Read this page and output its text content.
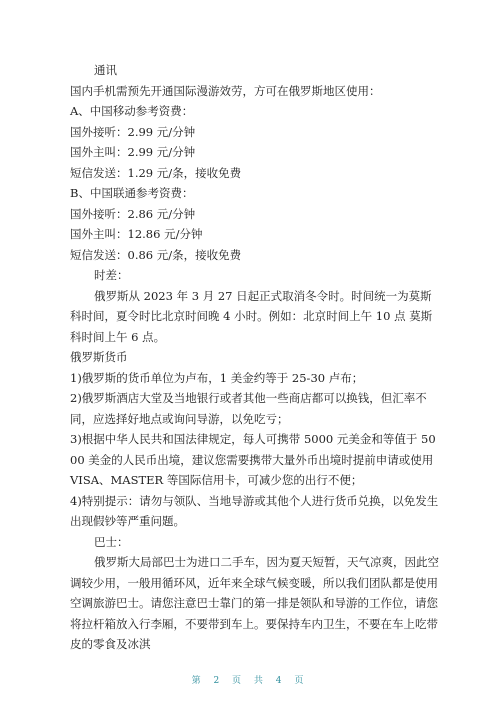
通讯

国内手机需预先开通国际漫游效劳，方可在俄罗斯地区使用：

A、中国移动参考资费：

国外接听：2.99 元/分钟

国外主叫：2.99 元/分钟

短信发送：1.29 元/条，接收免费

B、中国联通参考资费：

国外接听：2.86 元/分钟

国外主叫：12.86 元/分钟

短信发送：0.86 元/条，接收免费

时差：

俄罗斯从 2023 年 3 月 27 日起正式取消冬令时。时间统一为莫斯科时间，夏令时比北京时间晚 4 小时。例如：北京时间上午 10 点 莫斯科时间上午 6 点。

俄罗斯货币

1)俄罗斯的货币单位为卢布，1 美金约等于 25-30 卢布；

2)俄罗斯酒店大堂及当地银行或者其他一些商店都可以换钱，但汇率不同，应选择好地点或询问导游，以免吃亏；

3)根据中华人民共和国法律规定，每人可携带 5000 元美金和等值于 5000 美金的人民币出境，建议您需要携带大量外币出境时提前申请或使用 VISA、MASTER 等国际信用卡，可减少您的出行不便；

4)特别提示：请勿与领队、当地导游或其他个人进行货币兑换，以免发生出现假钞等严重问题。

巴士：

俄罗斯大局部巴士为进口二手车，因为夏天短暂，天气凉爽，因此空调较少用，一般用循环风，近年来全球气候变暖，所以我们团队都是使用空调旅游巴士。请您注意巴士靠门的第一排是领队和导游的工作位，请您将拉杆箱放入行李厢，不要带到车上。要保持车内卫生，不要在车上吃带皮的零食及冰淇

第 2 页 共 4 页
